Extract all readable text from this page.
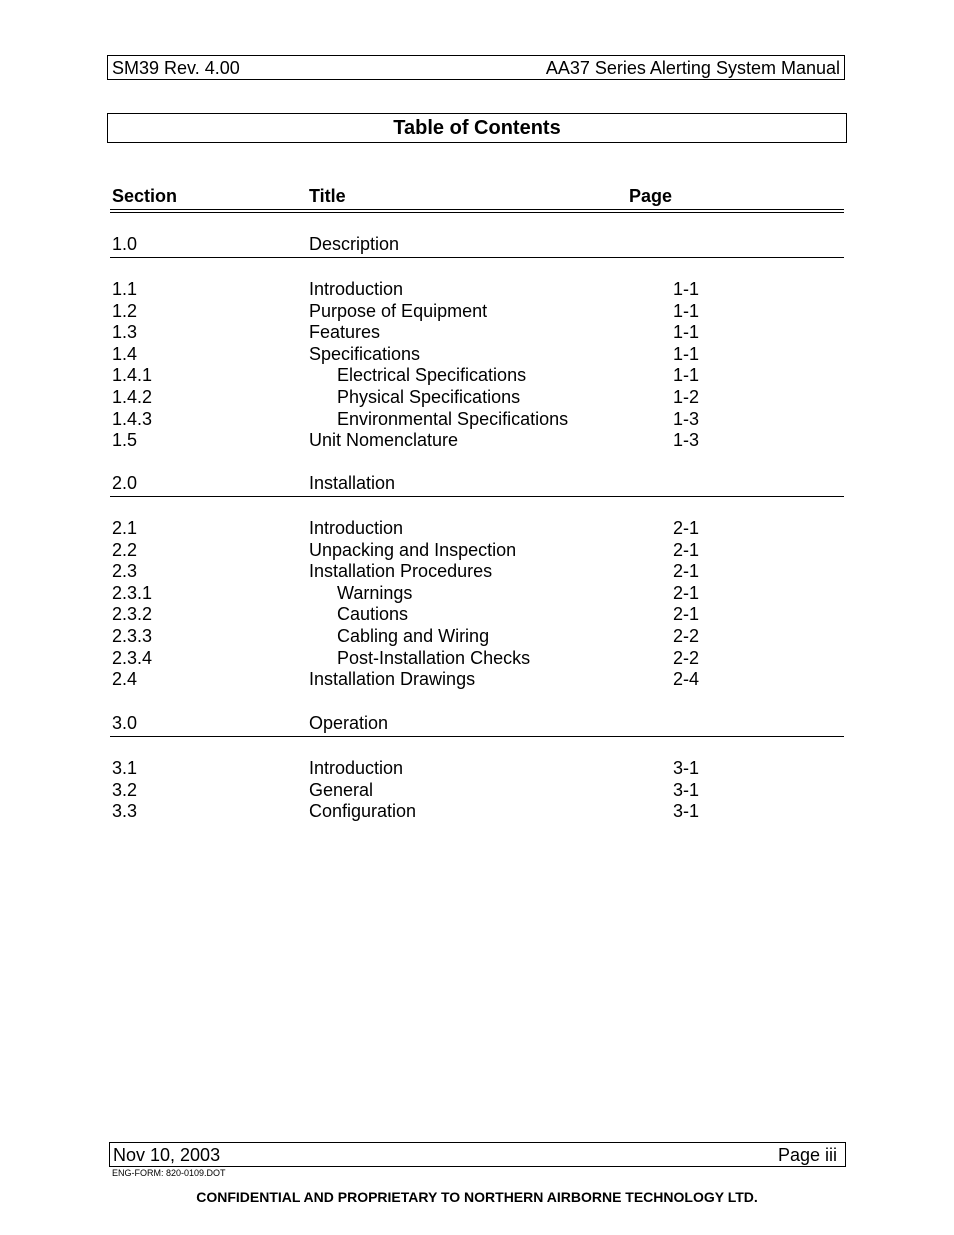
SM39 Rev. 4.00	AA37 Series Alerting System Manual
Table of Contents
Section	Title	Page
1.0	Description
1.1	Introduction	1-1
1.2	Purpose of Equipment	1-1
1.3	Features	1-1
1.4	Specifications	1-1
1.4.1	Electrical Specifications	1-1
1.4.2	Physical Specifications	1-2
1.4.3	Environmental Specifications	1-3
1.5	Unit Nomenclature	1-3
2.0	Installation
2.1	Introduction	2-1
2.2	Unpacking and Inspection	2-1
2.3	Installation Procedures	2-1
2.3.1	Warnings	2-1
2.3.2	Cautions	2-1
2.3.3	Cabling and Wiring	2-2
2.3.4	Post-Installation Checks	2-2
2.4	Installation Drawings	2-4
3.0	Operation
3.1	Introduction	3-1
3.2	General	3-1
3.3	Configuration	3-1
Nov 10, 2003	Page iii
ENG-FORM: 820-0109.DOT
CONFIDENTIAL AND PROPRIETARY TO NORTHERN AIRBORNE TECHNOLOGY LTD.
